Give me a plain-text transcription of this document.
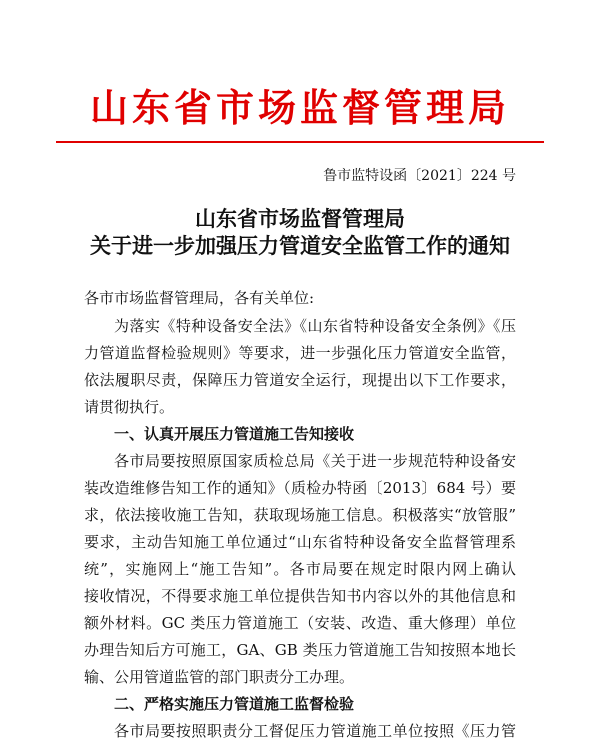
山东省市场监督管理局
鲁市监特设函〔2021〕224 号
山东省市场监督管理局
关于进一步加强压力管道安全监管工作的通知
各市市场监督管理局，各有关单位:
为落实《特种设备安全法》《山东省特种设备安全条例》《压
力管道监督检验规则》等要求，进一步强化压力管道安全监管，
依法履职尽责，保障压力管道安全运行，现提出以下工作要求，
请贯彻执行。
一、认真开展压力管道施工告知接收
各市局要按照原国家质检总局《关于进一步规范特种设备安
装改造维修告知工作的通知》（质检办特函〔2013〕684 号）要
求，依法接收施工告知，获取现场施工信息。积极落实“放管服”
要求，主动告知施工单位通过“山东省特种设备安全监督管理系
统”，实施网上“施工告知”。各市局要在规定时限内网上确认
接收情况，不得要求施工单位提供告知书内容以外的其他信息和
额外材料。GC 类压力管道施工（安装、改造、重大修理）单位
办理告知后方可施工，GA、GB 类压力管道施工告知按照本地长
输、公用管道监管的部门职责分工办理。
二、严格实施压力管道施工监督检验
各市局要按照职责分工督促压力管道施工单位按照《压力管
